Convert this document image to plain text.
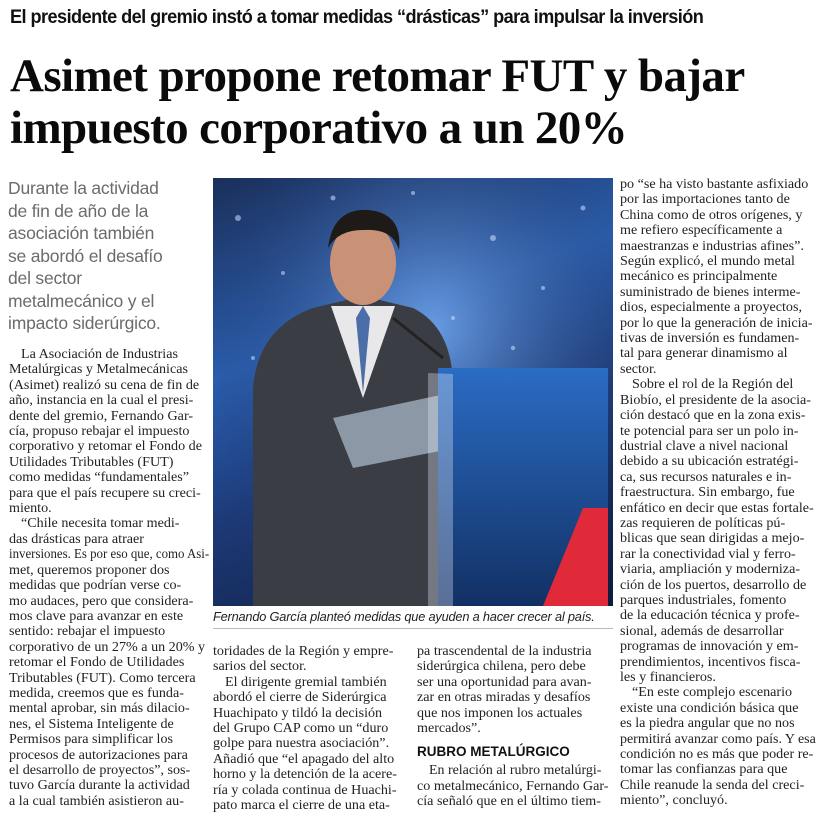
El presidente del gremio instó a tomar medidas “drásticas” para impulsar la inversión
Asimet propone retomar FUT y bajar
impuesto corporativo a un 20%
Durante la actividad
de fin de año de la
asociación también
se abordó el desafío
del sector
metalmecánico y el
impacto siderúrgico.
Fernando García planteó medidas que ayuden a hacer crecer al país.
La Asociación de Industrias
Metalúrgicas y Metalmecánicas
(Asimet) realizó su cena de fin de
año, instancia en la cual el presi-
dente del gremio, Fernando Gar-
cía, propuso rebajar el impuesto
corporativo y retomar el Fondo de
Utilidades Tributables (FUT)
como medidas “fundamentales”
para que el país recupere su creci-
miento.
“Chile necesita tomar medi-
das drásticas para atraer
inversiones. Es por eso que, como Asi-
met, queremos proponer dos
medidas que podrían verse co-
mo audaces, pero que considera-
mos clave para avanzar en este
sentido: rebajar el impuesto
corporativo de un 27% a un 20% y
retomar el Fondo de Utilidades
Tributables (FUT). Como tercera
medida, creemos que es funda-
mental aprobar, sin más dilacio-
nes, el Sistema Inteligente de
Permisos para simplificar los
procesos de autorizaciones para
el desarrollo de proyectos”, sos-
tuvo García durante la actividad
a la cual también asistieron au-
toridades de la Región y empre-
sarios del sector.
El dirigente gremial también
abordó el cierre de Siderúrgica
Huachipato y tildó la decisión
del Grupo CAP como un “duro
golpe para nuestra asociación”.
Añadió que “el apagado del alto
horno y la detención de la acere-
ría y colada continua de Huachi-
pato marca el cierre de una eta-
pa trascendental de la industria
siderúrgica chilena, pero debe
ser una oportunidad para avan-
zar en otras miradas y desafíos
que nos imponen los actuales
mercados”.
RUBRO METALÚRGICO
En relación al rubro metalúrgi-
co metalmecánico, Fernando Gar-
cía señaló que en el último tiem-
po “se ha visto bastante asfixiado
por las importaciones tanto de
China como de otros orígenes, y
me refiero específicamente a
maestranzas e industrias afines”.
Según explicó, el mundo metal
mecánico es principalmente
suministrado de bienes interme-
dios, especialmente a proyectos,
por lo que la generación de inicia-
tivas de inversión es fundamen-
tal para generar dinamismo al
sector.
Sobre el rol de la Región del
Biobío, el presidente de la asocia-
ción destacó que en la zona exis-
te potencial para ser un polo in-
dustrial clave a nivel nacional
debido a su ubicación estratégi-
ca, sus recursos naturales e in-
fraestructura. Sin embargo, fue
enfático en decir que estas fortale-
zas requieren de políticas pú-
blicas que sean dirigidas a mejo-
rar la conectividad vial y ferro-
viaria, ampliación y moderniza-
ción de los puertos, desarrollo de
parques industriales, fomento
de la educación técnica y profe-
sional, además de desarrollar
programas de innovación y em-
prendimientos, incentivos fisca-
les y financieros.
“En este complejo escenario
existe una condición básica que
es la piedra angular que no nos
permitirá avanzar como país. Y esa
condición no es más que poder re-
tomar las confianzas para que
Chile reanude la senda del creci-
miento”, concluyó.
